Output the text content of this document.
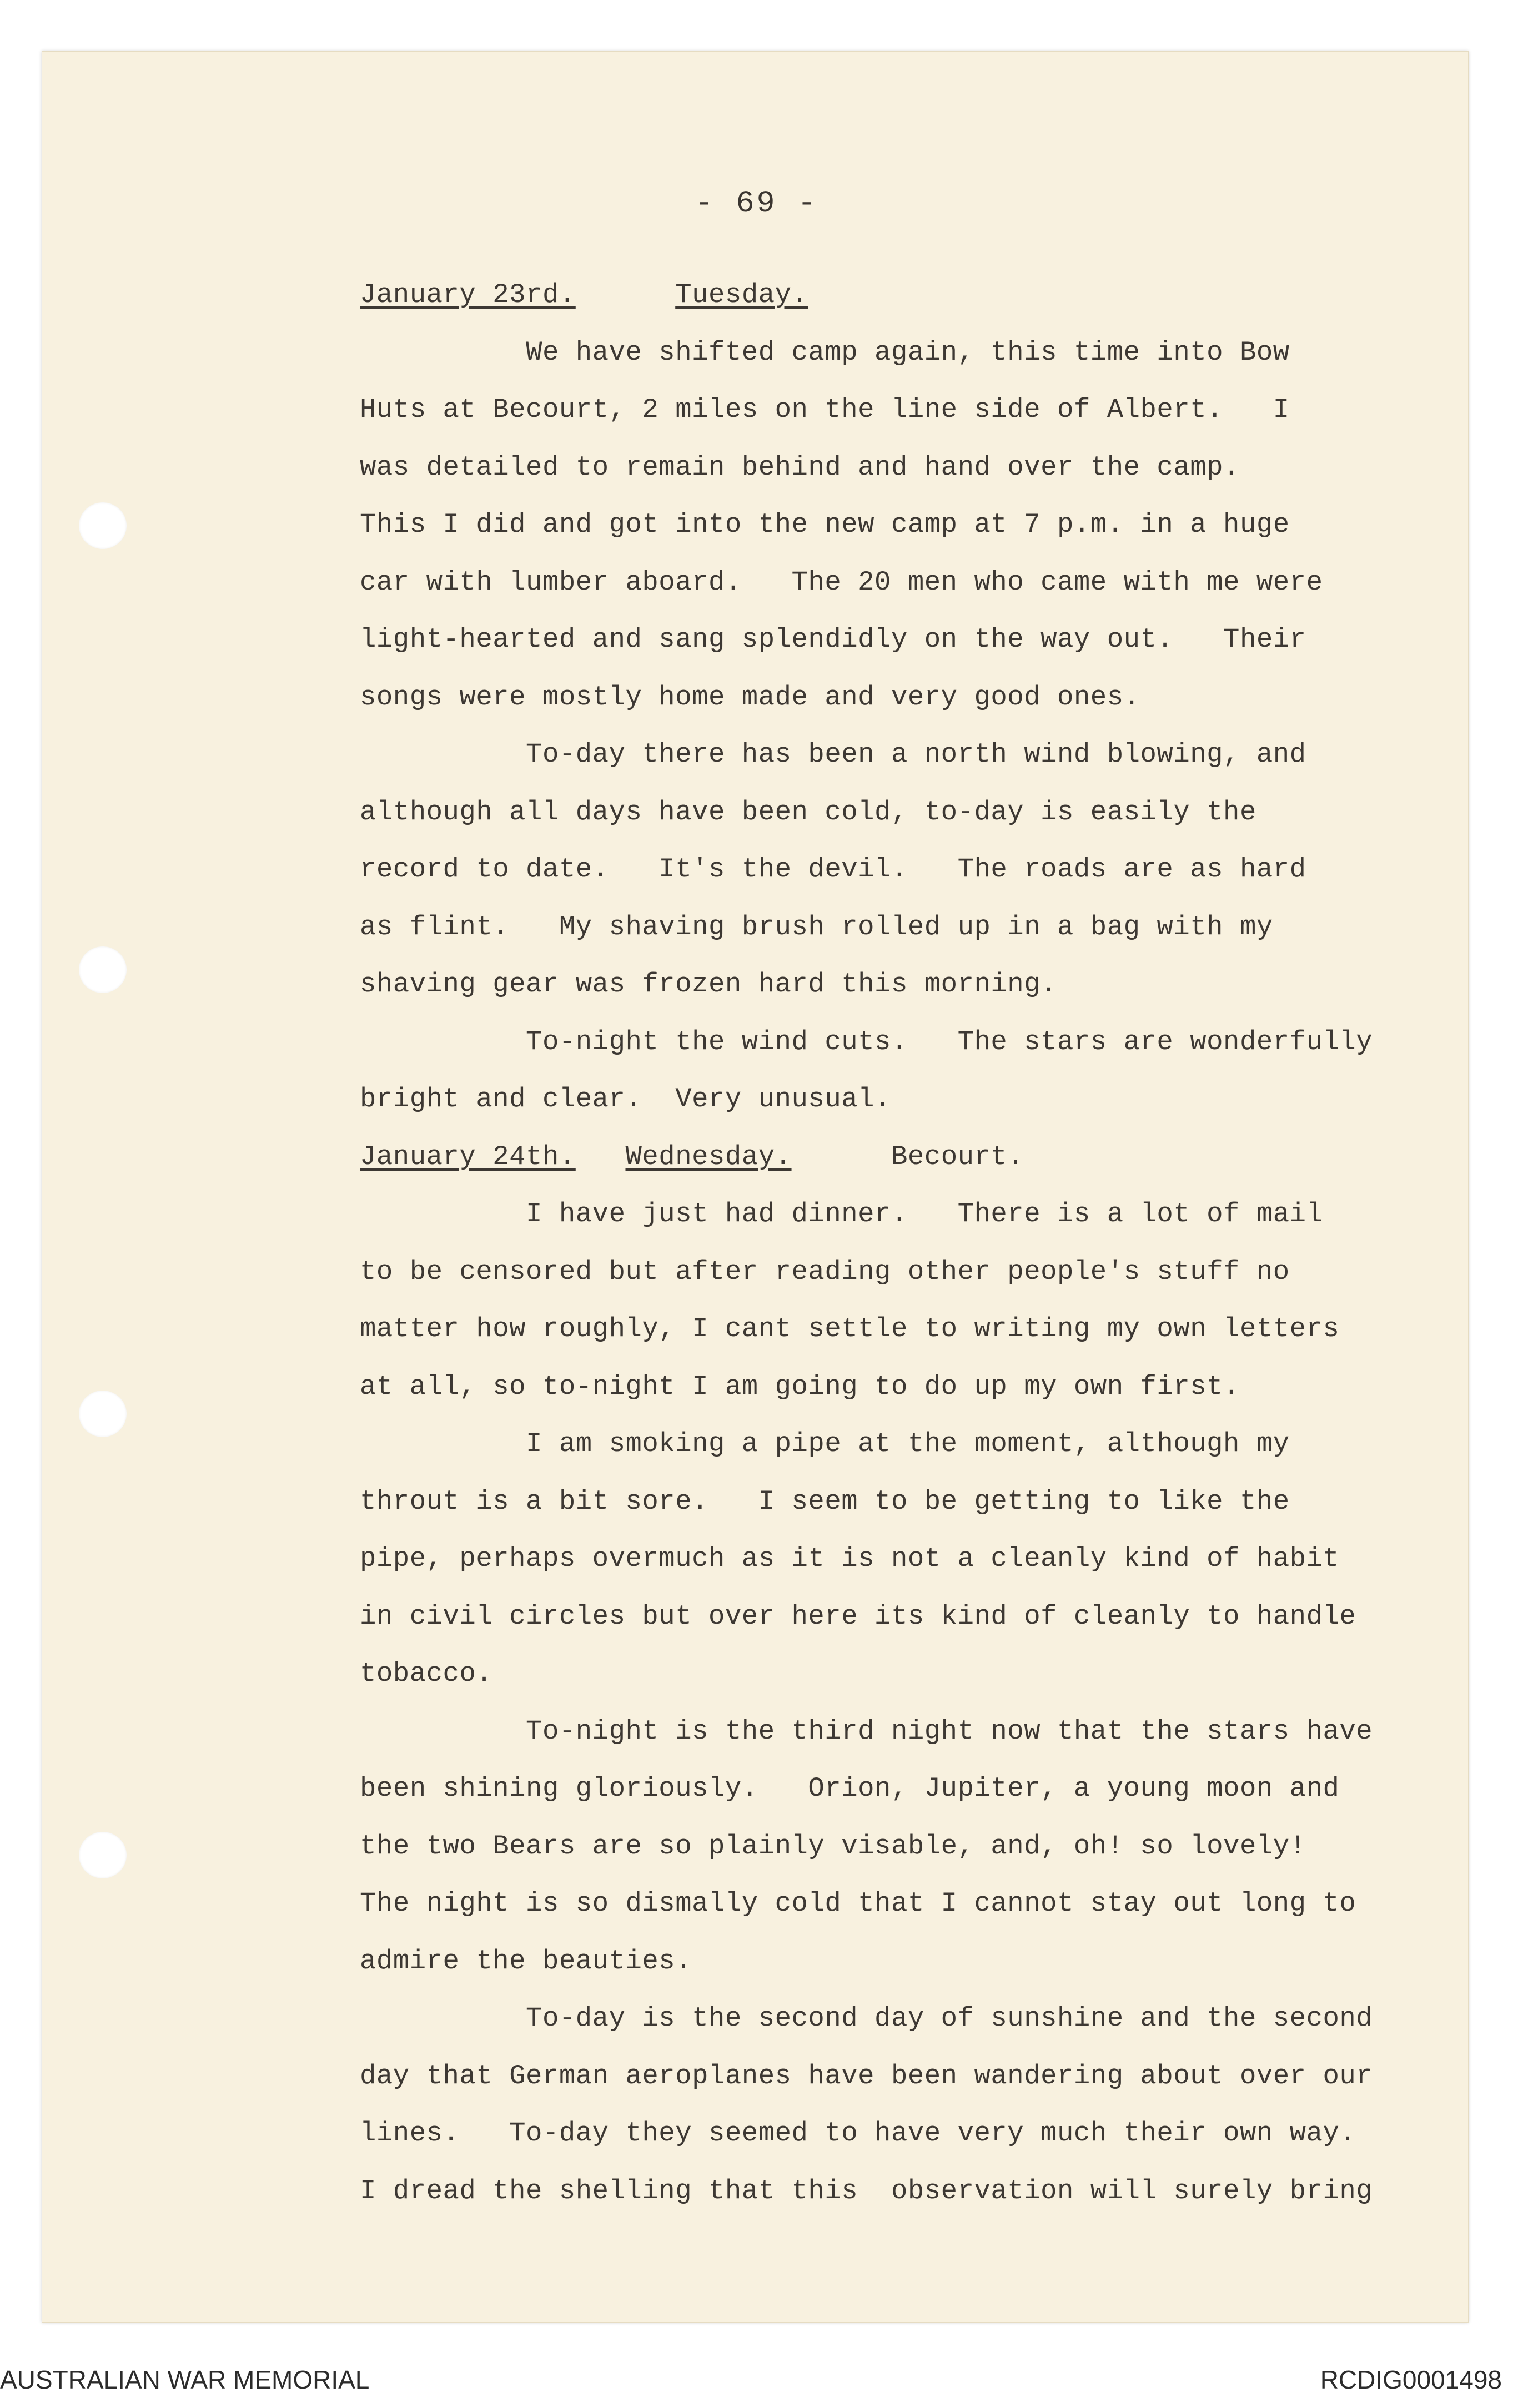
- 69 -
January 23rd.	Tuesday.
We have shifted camp again, this time into Bow
Huts at Becourt, 2 miles on the line side of Albert.   I
was detailed to remain behind and hand over the camp.
This I did and got into the new camp at 7 p.m. in a huge
car with lumber aboard.   The 20 men who came with me were
light-hearted and sang splendidly on the way out.   Their
songs were mostly home made and very good ones.
To-day there has been a north wind blowing, and
although all days have been cold, to-day is easily the
record to date.   It's the devil.   The roads are as hard
as flint.   My shaving brush rolled up in a bag with my
shaving gear was frozen hard this morning.
To-night the wind cuts.   The stars are wonderfully
bright and clear.  Very unusual.
January 24th. Wednesday.	Becourt.
I have just had dinner.   There is a lot of mail
to be censored but after reading other people's stuff no
matter how roughly, I cant settle to writing my own letters
at all, so to-night I am going to do up my own first.
I am smoking a pipe at the moment, although my
throut is a bit sore.   I seem to be getting to like the
pipe, perhaps overmuch as it is not a cleanly kind of habit
in civil circles but over here its kind of cleanly to handle
tobacco.
To-night is the third night now that the stars have
been shining gloriously.   Orion, Jupiter, a young moon and
the two Bears are so plainly visable, and, oh! so lovely!
The night is so dismally cold that I cannot stay out long to
admire the beauties.
To-day is the second day of sunshine and the second
day that German aeroplanes have been wandering about over our
lines.   To-day they seemed to have very much their own way.
I dread the shelling that this  observation will surely bring
AUSTRALIAN WAR MEMORIAL	RCDIG0001498
